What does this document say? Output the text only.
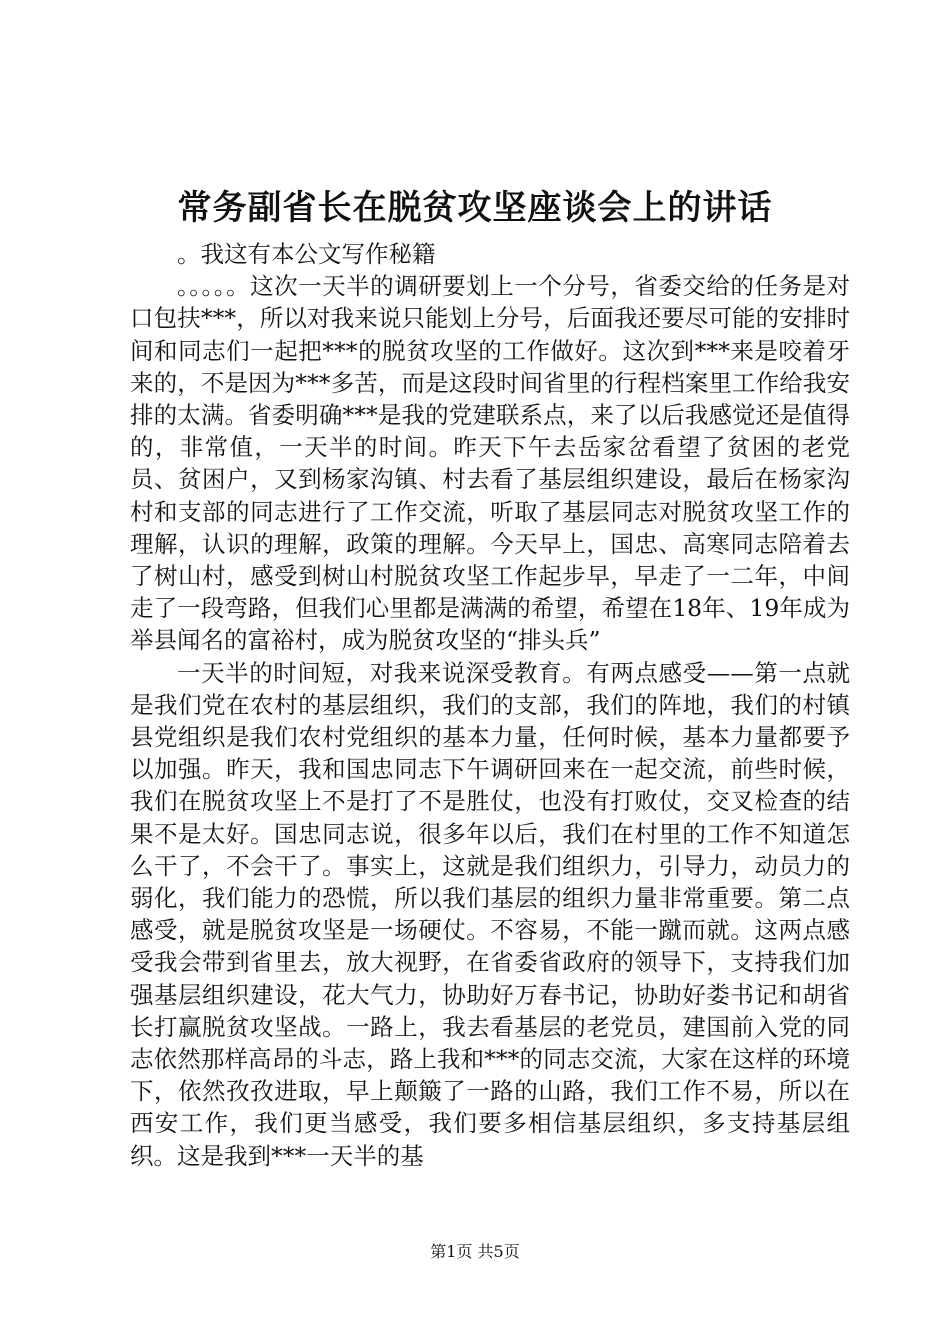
常务副省长在脱贫攻坚座谈会上的讲话

。我这有本公文写作秘籍

。。。。。这次一天半的调研要划上一个分号，省委交给的任务是对口包扶***，所以对我来说只能划上分号，后面我还要尽可能的安排时间和同志们一起把***的脱贫攻坚的工作做好。这次到***来是咬着牙来的，不是因为***多苦，而是这段时间省里的行程档案里工作给我安排的太满。省委明确***是我的党建联系点，来了以后我感觉还是值得的，非常值，一天半的时间。昨天下午去岳家岔看望了贫困的老党员、贫困户，又到杨家沟镇、村去看了基层组织建设，最后在杨家沟村和支部的同志进行了工作交流，听取了基层同志对脱贫攻坚工作的理解，认识的理解，政策的理解。今天早上，国忠、高寒同志陪着去了树山村，感受到树山村脱贫攻坚工作起步早，早走了一二年，中间走了一段弯路，但我们心里都是满满的希望，希望在18年、19年成为举县闻名的富裕村，成为脱贫攻坚的“排头兵”

一天半的时间短，对我来说深受教育。有两点感受——第一点就是我们党在农村的基层组织，我们的支部，我们的阵地，我们的村镇县党组织是我们农村党组织的基本力量，任何时候，基本力量都要予以加强。昨天，我和国忠同志下午调研回来在一起交流，前些时候，我们在脱贫攻坚上不是打了不是胜仗，也没有打败仗，交叉检查的结果不是太好。国忠同志说，很多年以后，我们在村里的工作不知道怎么干了，不会干了。事实上，这就是我们组织力，引导力，动员力的弱化，我们能力的恐慌，所以我们基层的组织力量非常重要。第二点感受，就是脱贫攻坚是一场硬仗。不容易，不能一蹴而就。这两点感受我会带到省里去，放大视野，在省委省政府的领导下，支持我们加强基层组织建设，花大气力，协助好万春书记，协助好娄书记和胡省长打赢脱贫攻坚战。一路上，我去看基层的老党员，建国前入党的同志依然那样高昂的斗志，路上我和***的同志交流，大家在这样的环境下，依然孜孜进取，早上颠簸了一路的山路，我们工作不易，所以在西安工作，我们更当感受，我们要多相信基层组织，多支持基层组织。这是我到***一天半的基

第1页 共5页
